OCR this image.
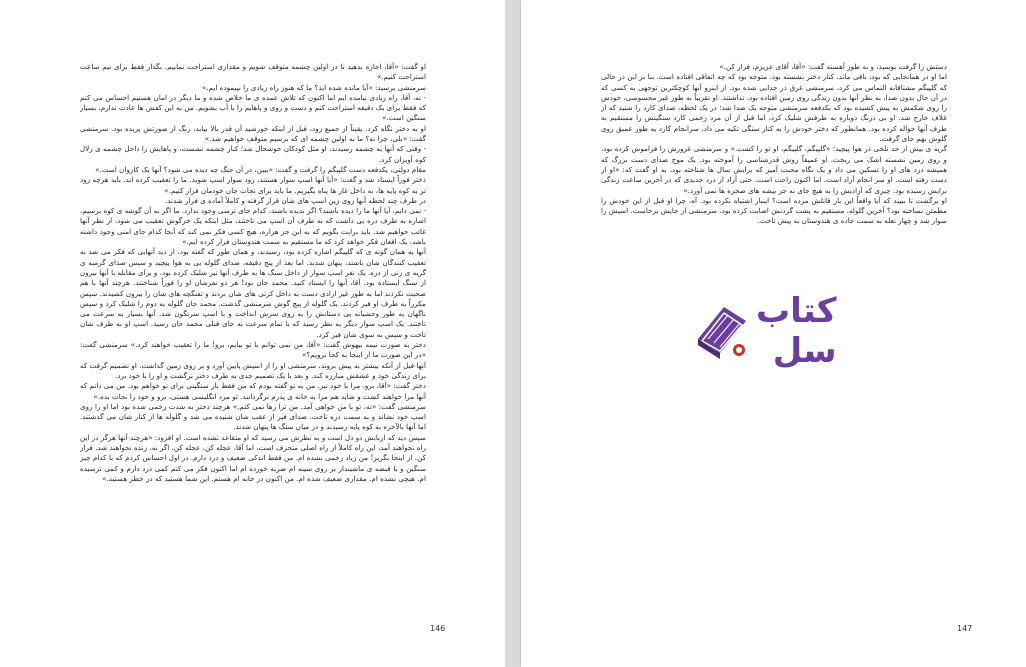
او گفت: «آقا، اجازه بدهید تا در اولین چشمه متوقف شویم و مقداری استراحت نماییم. بگذار فقط برای نیم ساعت استراحت کنیم.»

سرمنشی پرسید: «آیا مانده شده اید؟ ما که هنوز راه زیادی را نپیموده ایم.»

- نه، آقا، راه زیادی نیامده ایم اما اکنون که تلاش عمده ی ما خلاص شده و ما دیگر در امان هستیم احساس می کنم که فقط برای یک دقیقه استراحت کنم و دست و روی و پاهایم را با آب بشویم. من به این کفش ها عادت ندارم، بسیار سنگین است.»

او به دختر نگاه کرد. یقیناً از جمیع زود، قبل از اینکه خورشید آن قدر بالا بیاید، رنگ از صورتش پریده بود. سرمنشی گفت: «بلی، چرا نه؟ ما به اولین چشمه ای که برسیم متوقف خواهیم شد.»

- وقتی که آنها به چشمه رسیدند، او مثل کودکان خوشحال شد؛ کنار چشمه نشست، و پاهایش را داخل چشمه ی زلال کوه آویزان کرد.

مقام دولتی، یکدفعه دست گلپیگم را گرفت و گفت: «ببین، در آن جنگ چه دیده می شود؟ آنها یک کاروان است.»

دختر فوراً ایستاد شد و گفت: «آیا آنها اسپ سوار هستند، زود سوار اسپ شوید. ما را تعقیب کرده اند. باید هرچه زود تر به کوه پایه ها، به داخل غار ها پناه بگیریم. ما باید برای نجات جان خودمان فرار کنیم.»

در طرف چند لحظه آنها روی زین اسپ های شان قرار گرفته و کاملاً آماده ی فرار شدند.

- نمی دانم، آیا آنها ما را دیده باشند؟ اگر ندیده باشند، کدام جای ترسی وجود ندارد. ما اگر به آن گوشه ی کوه برسیم، اشاره به طرف دره یی داشت که به طرف آن اسپ می تاختند، مثل اینکه یک خرگوش تعقیب می شود، از نظر آنها غائب خواهیم شد. باید برایت بگویم که به این جز هزاره، هیچ کسی فکر نمی کند که آنجا کدام جای امنی وجود داشته باشد، یک افغان فکر خواهد کرد که ما مستقیم به سمت هندوستان فرار کرده ایم.»

آنها به همان گونه ی که گلپیگم اشاره کرده بود، رسیدند، و همان طور که گفته بود، از دید آنهایی که فکر می شد به تعقیب کنندگان شان باشند، پنهان شدند. اما بعد از پنج دقیقه، صدای گلوله یی به هوا پیچید و سپس صدای گرمبه ی گریه ی زنی از دره. یک نفر اسپ سوار از داخل سنگ ها به طرف آنها تیر شلیک کرده بود، و برای مقابله با آنها بیرون از سنگ ایستاده بود. آقا، آنها را ایستاد کنید. محمد جان بود! هر دو نفرشان او را فوراً شناختند. هرچند آنها با هم صحبت نکردند اما به طور غیر ارادی دست به داخل کرتی های شان بردند و تفنگچه های شان را بیرون کشیدند. سپس مکرراً به طرف او فیر کردند. یک گلوله از پیچ گوش سرمنشی گذشت. محمد جان گلوله به دوم را شلیک کرد و سپس ناگهان به طور وحشیانه یی دستانش را به روی سرش انداخت و با اسپ سرنگون شد. آنها بسیار به سرعت می تاختند. یک اسپ سوار دیگر به نظر رسید که با تمام سرعت به جای قبلی محمد جان رسید. اسپ او به طرف شان تاخت و سپس به سوی شان فیر کرد.

دختر به صورت نیمه بیهوش گفت: «آقا، من نمی توانم با تو بیایم، برو! ما را تعقیب خواهند کرد.» سرمنشی گفت: «در این صورت ما از اینجا به کجا برویم؟»

آنها قبل از آنکه بیشتر به پیش بروند، سرمنشی او را از اسپش پایین آورد و بر روی زمین گذاشت. او تصمیم گرفت که برای زندگی خود و عشقش مبارزه کند. و بعد با یک تصمیم جدی به طرف دختر برگشت و او را با خود برد.

دختر گفت: «آقا، برو، مرا با خود نبر. من به تو گفته بودم که من فقط بار سنگینی برای تو خواهم بود. من می دانم که آنها مرا خواهند کشت و شاید هم مرا به خانه ی پدرم برگردانند. تو مرد انگلیسی هستی، برو و خود را نجات بده.»

سرمنشی گفت: «نه، تو با من خواهی آمد. من ترا رها نمی کنم.» هرچند دختر به شدت زخمی شده بود اما او را روی اسپ خود نشاند و به سمت دره تاخت. صدای فیر از عقب شان شنیده می شد و گلوله ها از کنار شان می گذشتند. اما آنها بالآخره به کوه پایه رسیدند و در میان سنگ ها پنهان شدند.

سپس دید که اربابش دو دل است و به نظرش می رسید که او متقاعد نشده است. او افزود: «هرچند آنها هرگز در این راه نخواهند آمد، این راه کاملاً از راه اصلی منحرف است، اما آقا، عجله کن، عجله کن، اگر نه، زنده نخواهند شد. فرار کن. از اینجا بگریز! من زیاد زخمی نشده ام. من فقط اندکی ضعیف و درد دارم. در اول احساس کردم که با کدام چیز سنگین و با قبضه ی ماشیندار بر روی سینه ام ضربه خورده ام اما اکنون فکر می کنم کمی درد دارم و کمی ترسیده ام. هیچی نشده ام. مقداری ضعیف شده ام. من اکنون در خانه ام هستم. این شما هستید که در خطر هستید.»

146

دستش را گرفت بوسید، و به طور آهسته گفت: «آقا، آقای عزیزم، فرار کن.»

اما او در همانجایی که بود، باقی ماند. کنار دختر نشسته بود، متوجه بود که چه اتفاقی افتاده است. بنا بر این در حالی که گلپیگم مشتاقانه التماس می کرد، سرمنشی غرق در جدایی شده بود. از اینرو آنها کوچکترین توجهی به کسی که در آن حال بدون صدا، به نظر آنها بدون زندگی روی زمین افتاده بود، نداشتند. او تقریباً به طور غیر محسوسی، خودش را روی شکمش به پیش کشیده بود که یکدفعه سرمنشی متوجه یک صدا شد؛ در یک لحظه، صدای کارد را شنید که از غلاف خارج شد. او بی درنگ دوباره به طرفش شلیک کرد، اما قبل از آن مرد زخمی کارد سنگینش را مستقیم به طرف آنها حواله کرده بود. همانطور که دختر خودش را به کنار سنگی تکیه می داد، سرانجام کارد به طور عمیق روی گلوش بهم جای گرفت.

گریه ی بیش از حد تلخی در هوا پیچید؛ «گلپیگم، گلپیگم، او تو را کشت.» و سرمنشی غرورش را فراموش کرده بود، و روی زمین نشسته اشک می ریخت. او عمیقاً روش قدرشناسی را آموخته بود. یک موج صدای دست بزرگ که همیشه درد های او را تسکین می داد و یک نگاه محبت آمیز که برایش سال ها شناخته بود، به او گفت که: «او از دست رفته است. او سر انجام آزاد است. اما اکنون راحت است. حتی آزاد از درد جدیدی که در آخرین ساعت زندگی برایش رسیده بود. چیزی که آزادیش را به هیچ جای به جز بیشه های صخره ها نمی آورد.»

او برگشت تا ببیند که آیا واقعاً این بار قاتلش مرده است؟ اینبار اشتباه نکرده بود. آه، چرا او قبل از این خودش را مطمئن نساخته بود؟ آخرین گلوله، مستقیم به پشت گردنش اصابت کرده بود. سرمنشی از جایش برخاست. اسپش را سوار شد و چهار نعله به سمت جاده ی هندوستان به پیش تاخت.

کتاب
سل
147
